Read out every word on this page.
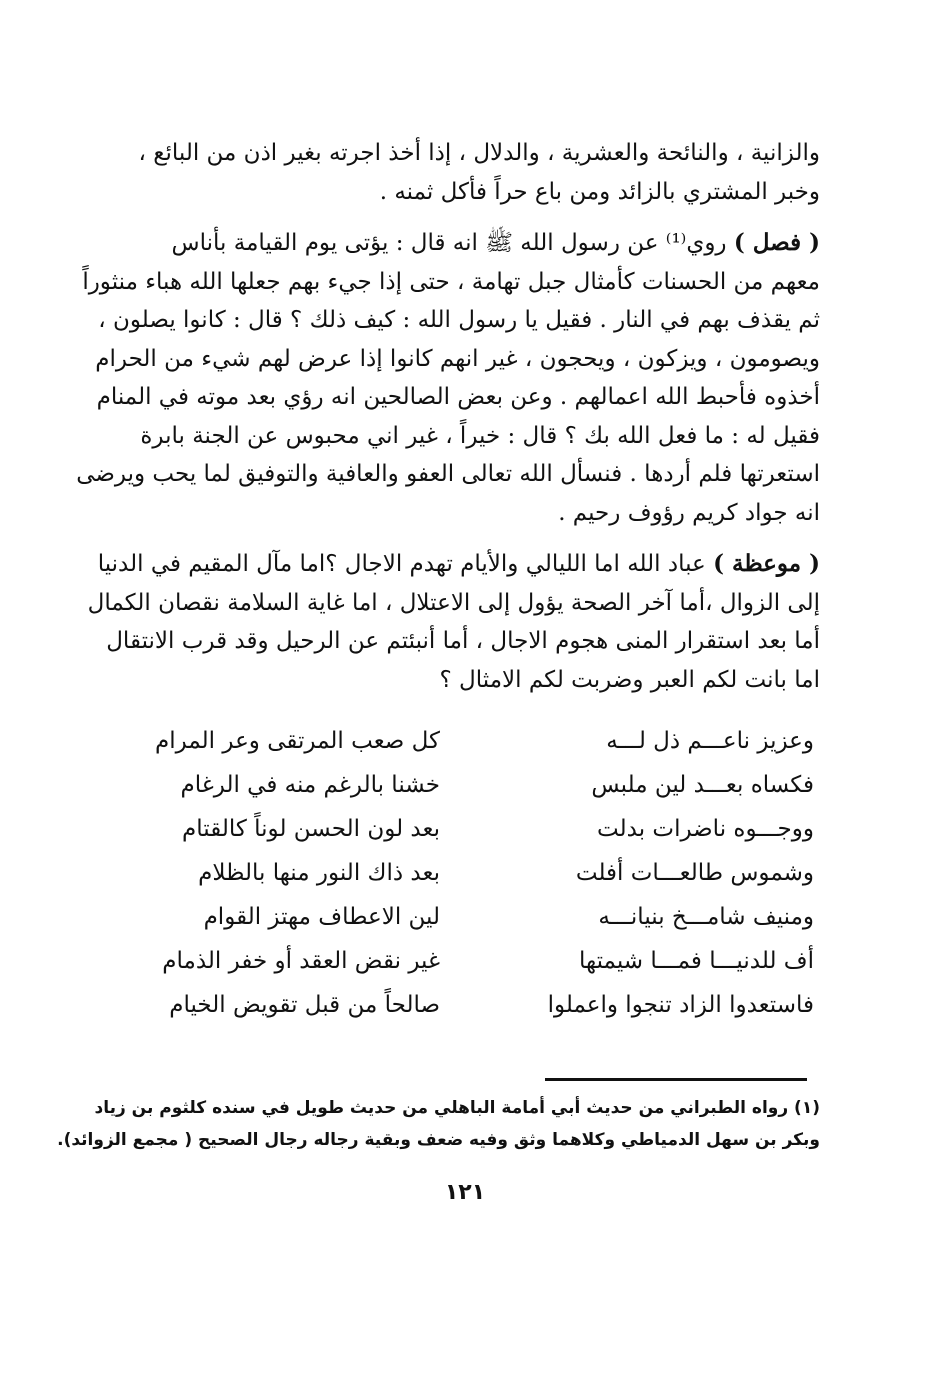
والزانية ، والنائحة والعشرية ، والدلال ، إذا أخذ اجرته بغير اذن من البائع ،
وخبر المشتري بالزائد ومن باع حراً فأكل ثمنه .

( فصل ) روي⁽¹⁾ عن رسول الله ﷺ انه قال : يؤتى يوم القيامة بأناس
معهم من الحسنات كأمثال جبل تهامة ، حتى إذا جيء بهم جعلها الله هباء منثوراً
ثم يقذف بهم في النار . فقيل يا رسول الله : كيف ذلك ؟ قال : كانوا يصلون ،
ويصومون ، ويزكون ، ويحجون ، غير انهم كانوا إذا عرض لهم شيء من الحرام
أخذوه فأحبط الله اعمالهم . وعن بعض الصالحين انه رؤي بعد موته في المنام
فقيل له : ما فعل الله بك ؟ قال : خيراً ، غير اني محبوس عن الجنة بابرة
استعرتها فلم أردها . فنسأل الله تعالى العفو والعافية والتوفيق لما يحب ويرضى
انه جواد كريم رؤوف رحيم .

( موعظة ) عباد الله اما الليالي والأيام تهدم الاجال ؟اما مآل المقيم في الدنيا
إلى الزوال ،أما آخر الصحة يؤول إلى الاعتلال ، اما غاية السلامة نقصان الكمال
أما بعد استقرار المنى هجوم الاجال ، أما أنبئتم عن الرحيل وقد قرب الانتقال
اما بانت لكم العبر وضربت لكم الامثال ؟

وعزيز ناعـــم ذل لـــه
كل صعب المرتقى وعر المرام
فكساه بعـــد لين ملبس
خشنا بالرغم منه في الرغام
ووجـــوه ناضرات بدلت
بعد لون الحسن لوناً كالقتام
وشموس طالعـــات أفلت
بعد ذاك النور منها بالظلام
ومنيف شامـــخ بنيانـــه
لين الاعطاف مهتز القوام
أف للدنيـــا فمـــا شيمتها
غير نقض العقد أو خفر الذمام
فاستعدوا الزاد تنجوا واعملوا
صالحاً من قبل تقويض الخيام
(١) رواه الطبراني من حديث أبي أمامة الباهلي من حديث طويل في سنده كلثوم بن زياد
وبكر بن سهل الدمياطي وكلاهما وثق وفيه ضعف وبقية رجاله رجال الصحيح ( مجمع الزوائد).
١٢١
